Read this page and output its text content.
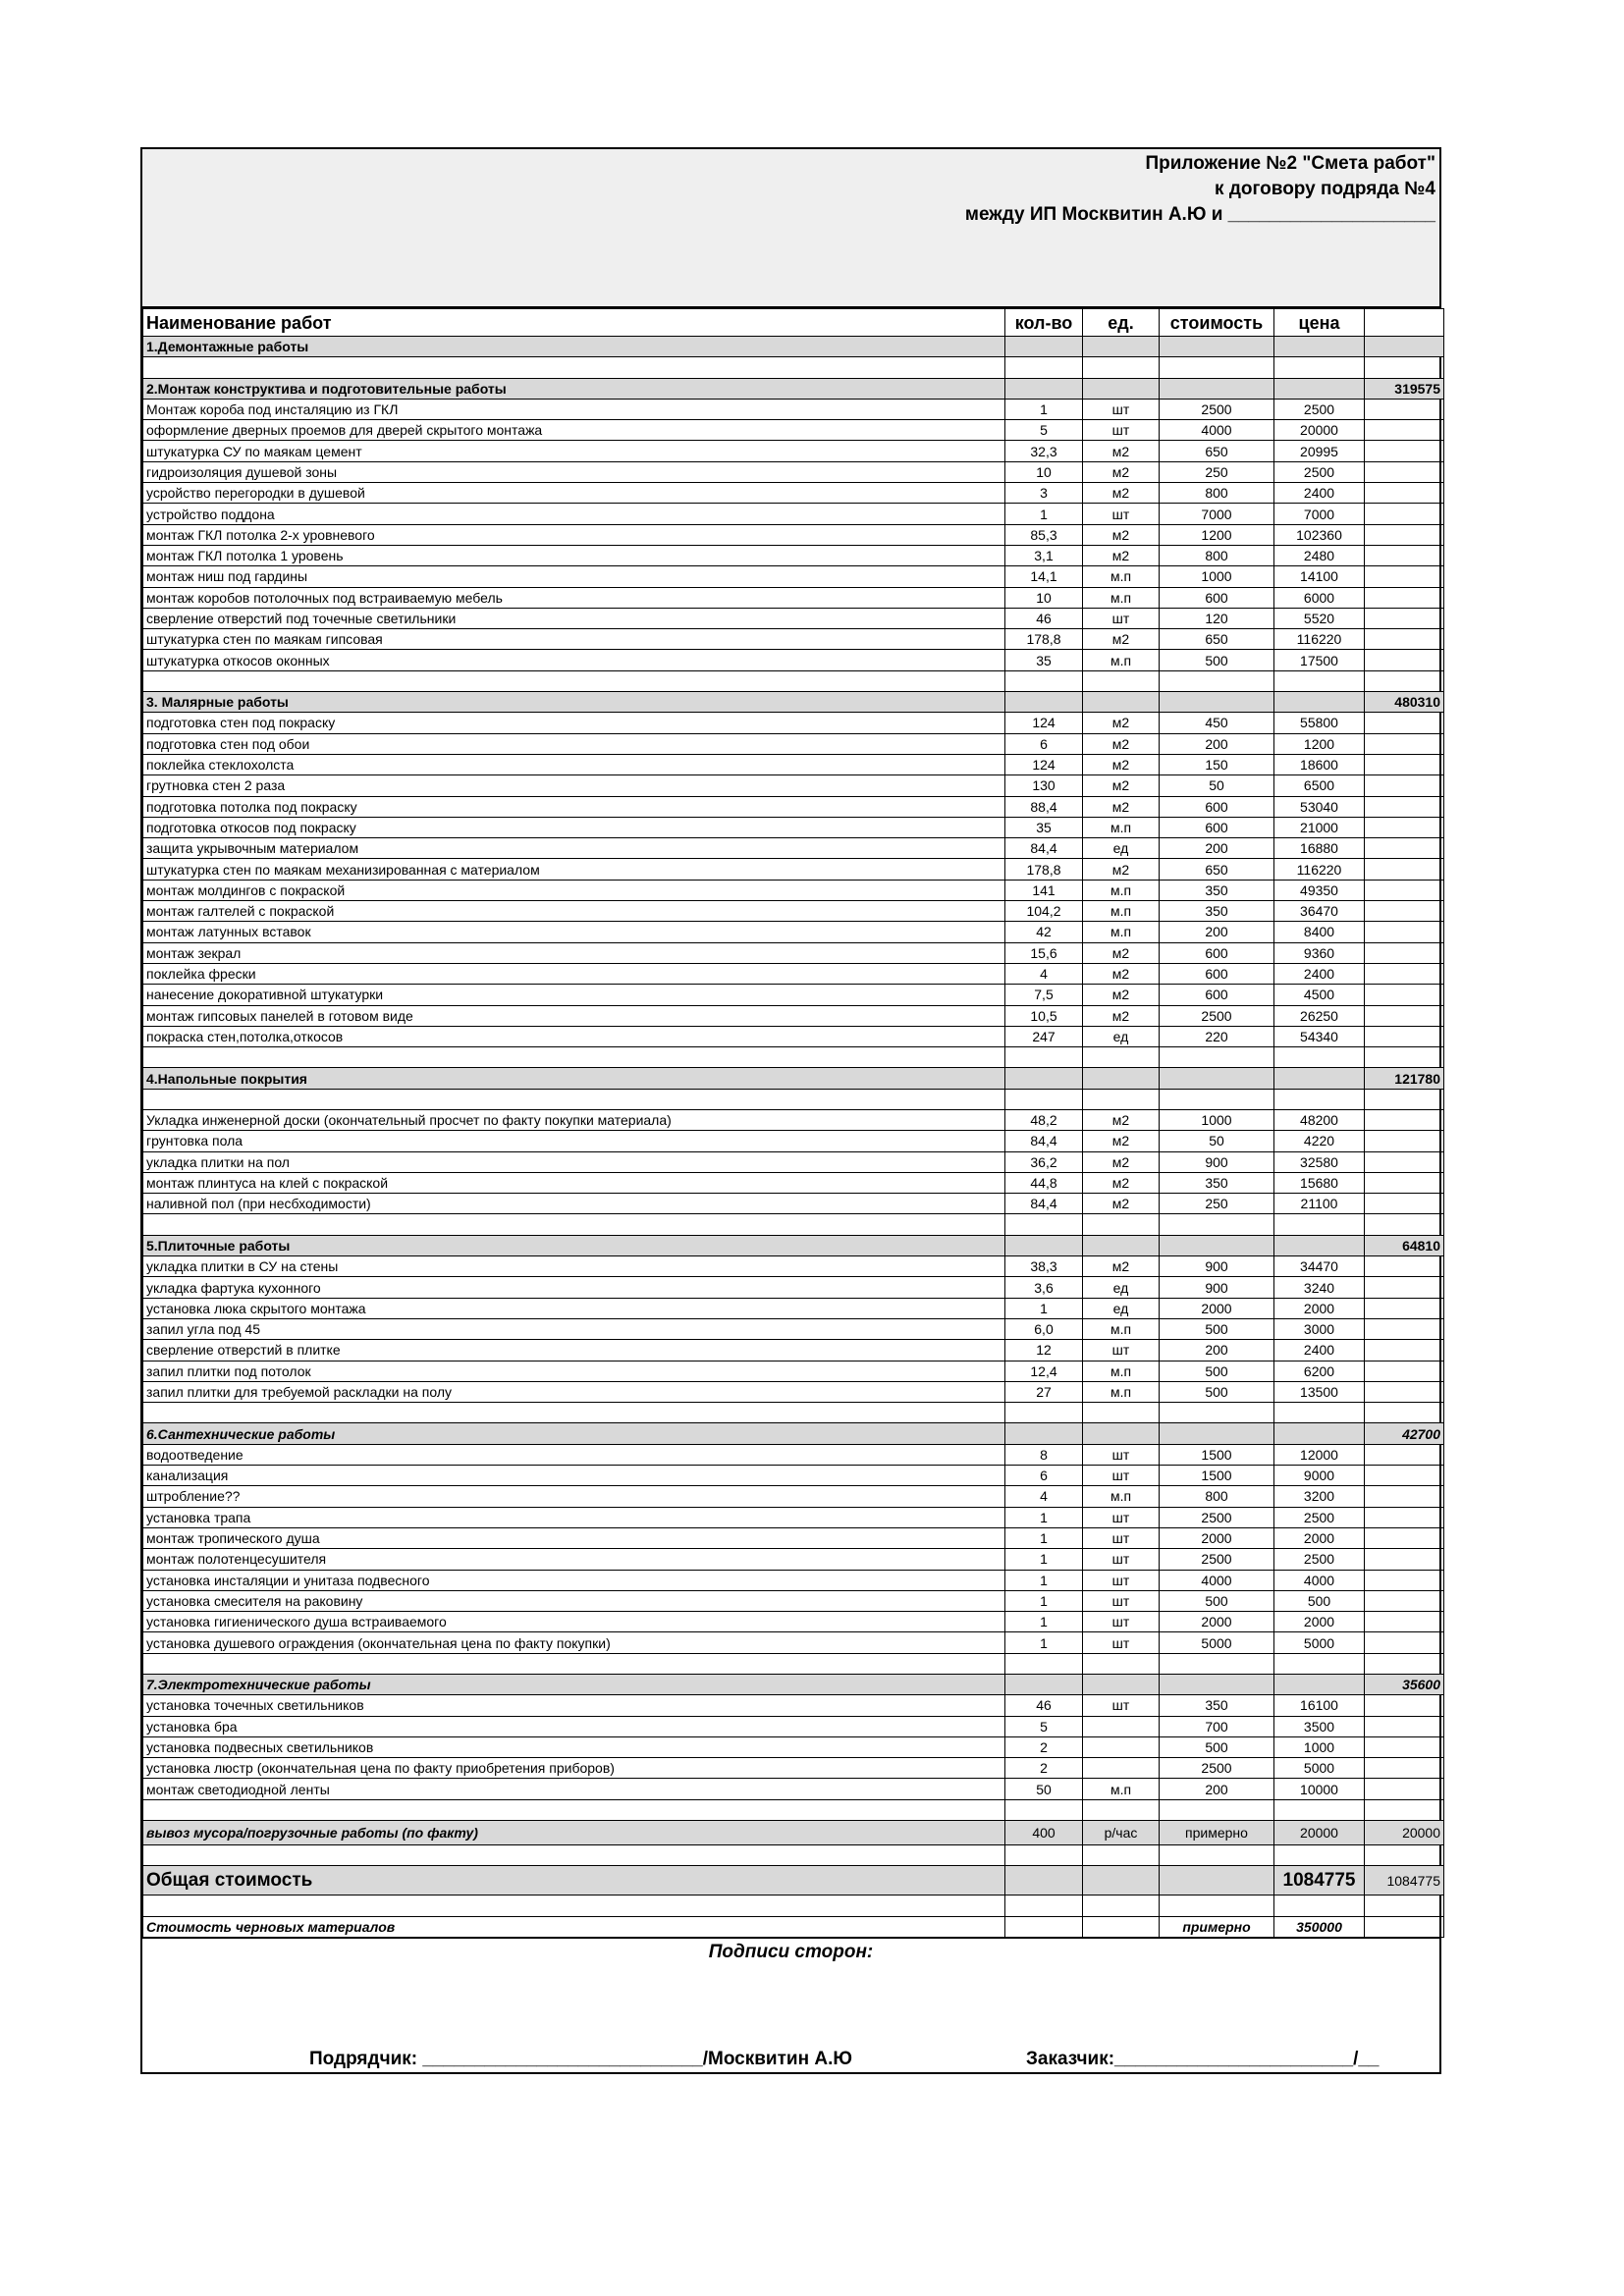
Приложение №2 "Смета работ"
к договору подряда №4
между ИП Москвитин А.Ю и ____________________
Наименование работ	кол-во	ед.	стоимость	цена	
1.Демонтажные работы					

2.Монтаж конструктива и подготовительные работы					319575
Монтаж короба под инсталяцию из ГКЛ	1	шт	2500	2500	
оформление дверных проемов для дверей скрытого монтажа	5	шт	4000	20000	
штукатурка СУ по маякам цемент	32,3	м2	650	20995	
гидроизоляция душевой зоны	10	м2	250	2500	
усройство перегородки в душевой	3	м2	800	2400	
устройство поддона	1	шт	7000	7000	
монтаж ГКЛ потолка 2-х уровневого	85,3	м2	1200	102360	
монтаж ГКЛ потолка 1 уровень	3,1	м2	800	2480	
монтаж ниш под гардины	14,1	м.п	1000	14100	
монтаж коробов потолочных под встраиваемую мебель	10	м.п	600	6000	
сверление отверстий под точечные светильники	46	шт	120	5520	
штукатурка стен по маякам гипсовая	178,8	м2	650	116220	
штукатурка откосов оконных	35	м.п	500	17500	

3. Малярные работы					480310
подготовка стен под покраску	124	м2	450	55800	
подготовка стен под обои	6	м2	200	1200	
поклейка стеклохолста	124	м2	150	18600	
грутновка стен 2 раза	130	м2	50	6500	
подготовка потолка под покраску	88,4	м2	600	53040	
подготовка откосов под покраску	35	м.п	600	21000	
защита укрывочным материалом	84,4	ед	200	16880	
штукатурка стен по маякам механизированная с материалом	178,8	м2	650	116220	
монтаж молдингов с покраской	141	м.п	350	49350	
монтаж галтелей с покраской	104,2	м.п	350	36470	
монтаж латунных вставок	42	м.п	200	8400	
монтаж зекрал	15,6	м2	600	9360	
поклейка фрески	4	м2	600	2400	
нанесение докоративной штукатурки	7,5	м2	600	4500	
монтаж гипсовых панелей в готовом виде	10,5	м2	2500	26250	
покраска стен,потолка,откосов	247	ед	220	54340	

4.Напольные покрытия					121780

Укладка инженерной доски (окончательный просчет по факту покупки материала)	48,2	м2	1000	48200	
грунтовка пола	84,4	м2	50	4220	
укладка плитки на пол	36,2	м2	900	32580	
монтаж плинтуса на клей с покраской	44,8	м2	350	15680	
наливной пол (при несбходимости)	84,4	м2	250	21100	

5.Плиточные работы					64810
укладка плитки в СУ на стены	38,3	м2	900	34470	
укладка фартука кухонного	3,6	ед	900	3240	
установка люка скрытого монтажа	1	ед	2000	2000	
запил угла под 45	6,0	м.п	500	3000	
сверление отверстий в плитке	12	шт	200	2400	
запил плитки под потолок	12,4	м.п	500	6200	
запил плитки для требуемой раскладки на полу	27	м.п	500	13500	

6.Сантехнические работы					42700
водоотведение	8	шт	1500	12000	
канализация	6	шт	1500	9000	
штробление??	4	м.п	800	3200	
установка трапа	1	шт	2500	2500	
монтаж тропического душа	1	шт	2000	2000	
монтаж полотенцесушителя	1	шт	2500	2500	
установка инсталяции и унитаза подвесного	1	шт	4000	4000	
установка смесителя на раковину	1	шт	500	500	
установка гигиенического душа встраиваемого	1	шт	2000	2000	
установка душевого ограждения (окончательная цена по факту покупки)	1	шт	5000	5000	

7.Электротехнические работы					35600
установка точечных светильников	46	шт	350	16100	
установка бра	5		700	3500	
установка подвесных светильников	2		500	1000	
установка люстр (окончательная цена по факту приобретения приборов)	2		2500	5000	
монтаж светодиодной ленты	50	м.п	200	10000	

вывоз мусора/погрузочные работы (по факту)	400	р/час	примерно	20000	20000

Общая стоимость				1084775	1084775

Стоимость черновых материалов			примерно	350000	
Подписи сторон:
Подрядчик: ___________________________/Москвитин А.Ю	Заказчик:_______________________/__
